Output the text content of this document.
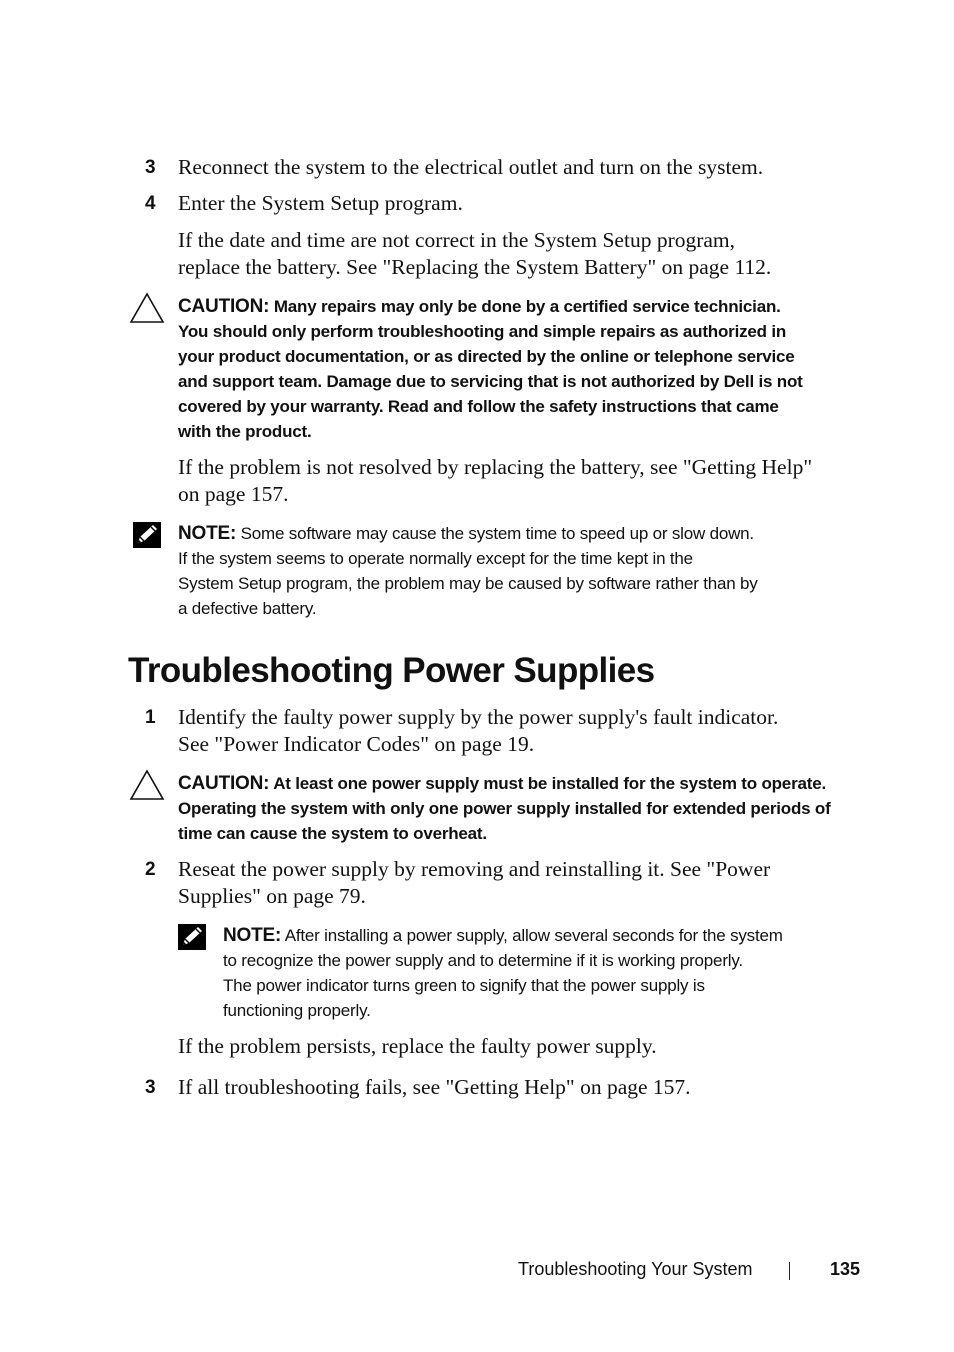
3	Reconnect the system to the electrical outlet and turn on the system.
4	Enter the System Setup program.
If the date and time are not correct in the System Setup program,
replace the battery. See "Replacing the System Battery" on page 112.
CAUTION: Many repairs may only be done by a certified service technician.
You should only perform troubleshooting and simple repairs as authorized in
your product documentation, or as directed by the online or telephone service
and support team. Damage due to servicing that is not authorized by Dell is not
covered by your warranty. Read and follow the safety instructions that came
with the product.
If the problem is not resolved by replacing the battery, see "Getting Help"
on page 157.
NOTE: Some software may cause the system time to speed up or slow down.
If the system seems to operate normally except for the time kept in the
System Setup program, the problem may be caused by software rather than by
a defective battery.
Troubleshooting Power Supplies
1	Identify the faulty power supply by the power supply's fault indicator.
See "Power Indicator Codes" on page 19.
CAUTION: At least one power supply must be installed for the system to operate.
Operating the system with only one power supply installed for extended periods of
time can cause the system to overheat.
2	Reseat the power supply by removing and reinstalling it. See "Power
Supplies" on page 79.
NOTE: After installing a power supply, allow several seconds for the system
to recognize the power supply and to determine if it is working properly.
The power indicator turns green to signify that the power supply is
functioning properly.
If the problem persists, replace the faulty power supply.
3	If all troubleshooting fails, see "Getting Help" on page 157.
Troubleshooting Your System	135
